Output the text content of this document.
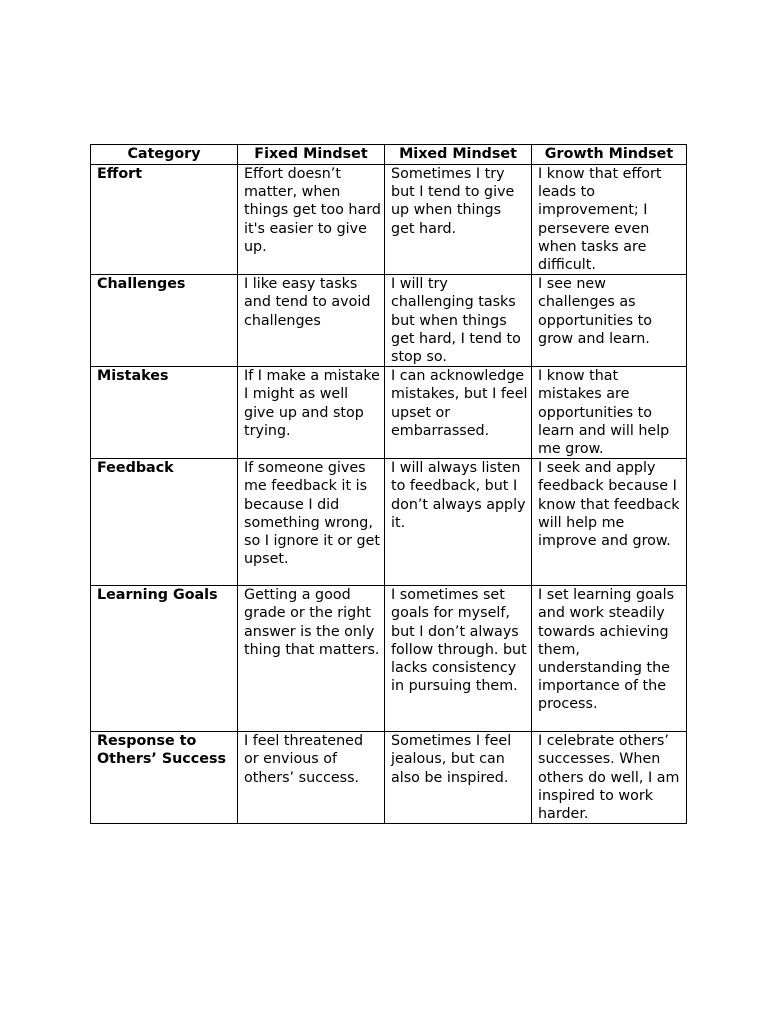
Category	Fixed Mindset	Mixed Mindset	Growth Mindset
Effort	Effort doesn’t matter, when things get too hard it's easier to give up.	Sometimes I try but I tend to give up when things get hard.	I know that effort leads to improvement; I persevere even when tasks are difficult.
Challenges	I like easy tasks and tend to avoid challenges	I will try challenging tasks but when things get hard, I tend to stop so.	I see new challenges as opportunities to grow and learn.
Mistakes	If I make a mistake I might as well give up and stop trying.	I can acknowledge mistakes, but I feel upset or embarrassed.	I know that mistakes are opportunities to learn and will help me grow.
Feedback	If someone gives me feedback it is because I did something wrong, so I ignore it or get upset.	I will always listen to feedback, but I don’t always apply it.	I seek and apply feedback because I know that feedback will help me improve and grow.
Learning Goals	Getting a good grade or the right answer is the only thing that matters.	I sometimes set goals for myself, but I don’t always follow through. but lacks consistency in pursuing them.	I set learning goals and work steadily towards achieving them, understanding the importance of the process.
Response to Others’ Success	I feel threatened or envious of others’ success.	Sometimes I feel jealous, but can also be inspired.	I celebrate others’ successes. When others do well, I am inspired to work harder.
